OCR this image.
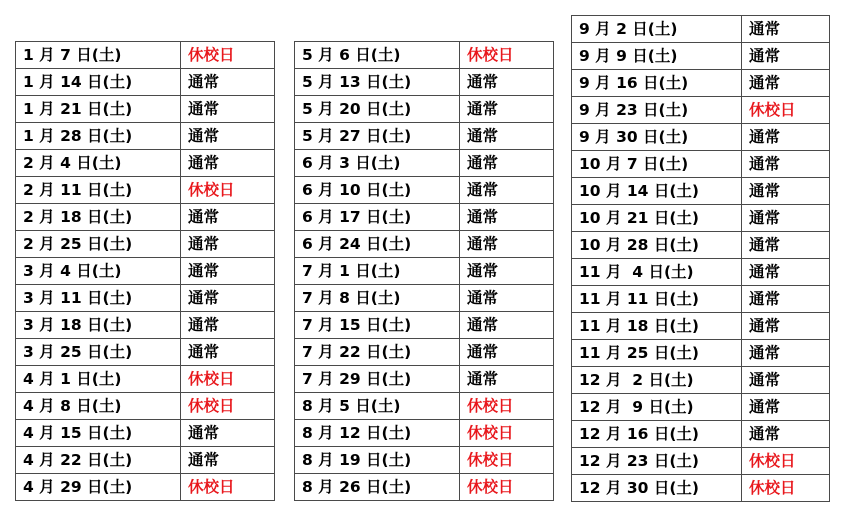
1 月 7 日(土)	休校日
1 月 14 日(土)	通常
1 月 21 日(土)	通常
1 月 28 日(土)	通常
2 月 4 日(土)	通常
2 月 11 日(土)	休校日
2 月 18 日(土)	通常
2 月 25 日(土)	通常
3 月 4 日(土)	通常
3 月 11 日(土)	通常
3 月 18 日(土)	通常
3 月 25 日(土)	通常
4 月 1 日(土)	休校日
4 月 8 日(土)	休校日
4 月 15 日(土)	通常
4 月 22 日(土)	通常
4 月 29 日(土)	休校日
5 月 6 日(土)	休校日
5 月 13 日(土)	通常
5 月 20 日(土)	通常
5 月 27 日(土)	通常
6 月 3 日(土)	通常
6 月 10 日(土)	通常
6 月 17 日(土)	通常
6 月 24 日(土)	通常
7 月 1 日(土)	通常
7 月 8 日(土)	通常
7 月 15 日(土)	通常
7 月 22 日(土)	通常
7 月 29 日(土)	通常
8 月 5 日(土)	休校日
8 月 12 日(土)	休校日
8 月 19 日(土)	休校日
8 月 26 日(土)	休校日
9 月 2 日(土)	通常
9 月 9 日(土)	通常
9 月 16 日(土)	通常
9 月 23 日(土)	休校日
9 月 30 日(土)	通常
10 月 7 日(土)	通常
10 月 14 日(土)	通常
10 月 21 日(土)	通常
10 月 28 日(土)	通常
11 月  4 日(土)	通常
11 月 11 日(土)	通常
11 月 18 日(土)	通常
11 月 25 日(土)	通常
12 月  2 日(土)	通常
12 月  9 日(土)	通常
12 月 16 日(土)	通常
12 月 23 日(土)	休校日
12 月 30 日(土)	休校日
